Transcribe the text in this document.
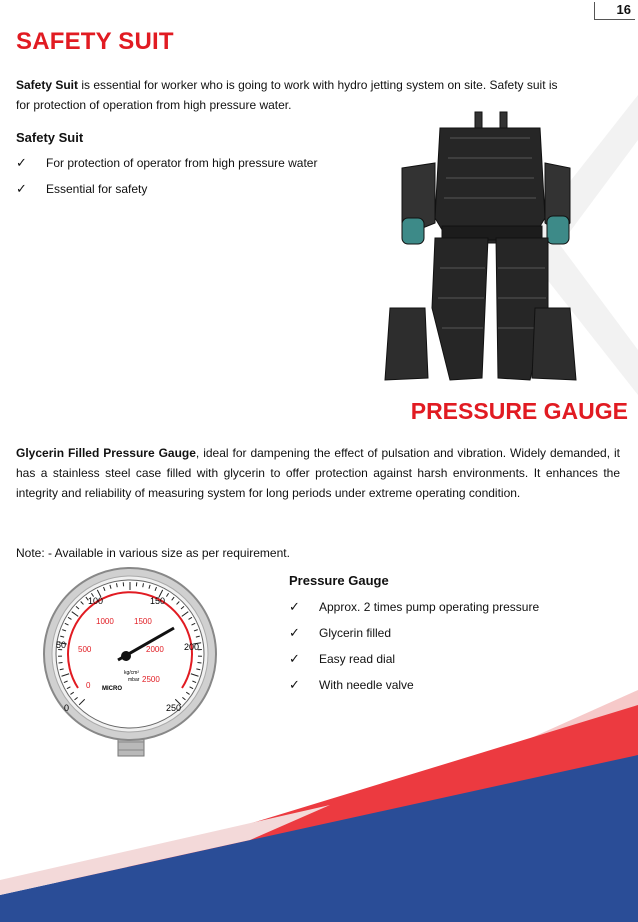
16
SAFETY SUIT
Safety Suit is essential for worker who is going to work with hydro jetting system on site. Safety suit is
for protection of operation from high pressure water.
Safety Suit
✓ For protection of operator from high pressure water
✓ Essential for safety
PRESSURE GAUGE
Glycerin Filled Pressure Gauge, ideal for dampening the effect of pulsation and vibration. Widely demanded, it has a stainless steel case filled with glycerin to offer protection against harsh environments. It enhances the integrity and reliability of measuring system for long periods under extreme operating condition.
Note: - Available in various size as per requirement.
Pressure Gauge
✓ Approx. 2 times pump operating pressure
✓ Glycerin filled
✓ Easy read dial
✓ With needle valve
0
50
100	150
200
250
0
500
1000	1500
2000
2500
kg/cm²
mbar
MICRO
